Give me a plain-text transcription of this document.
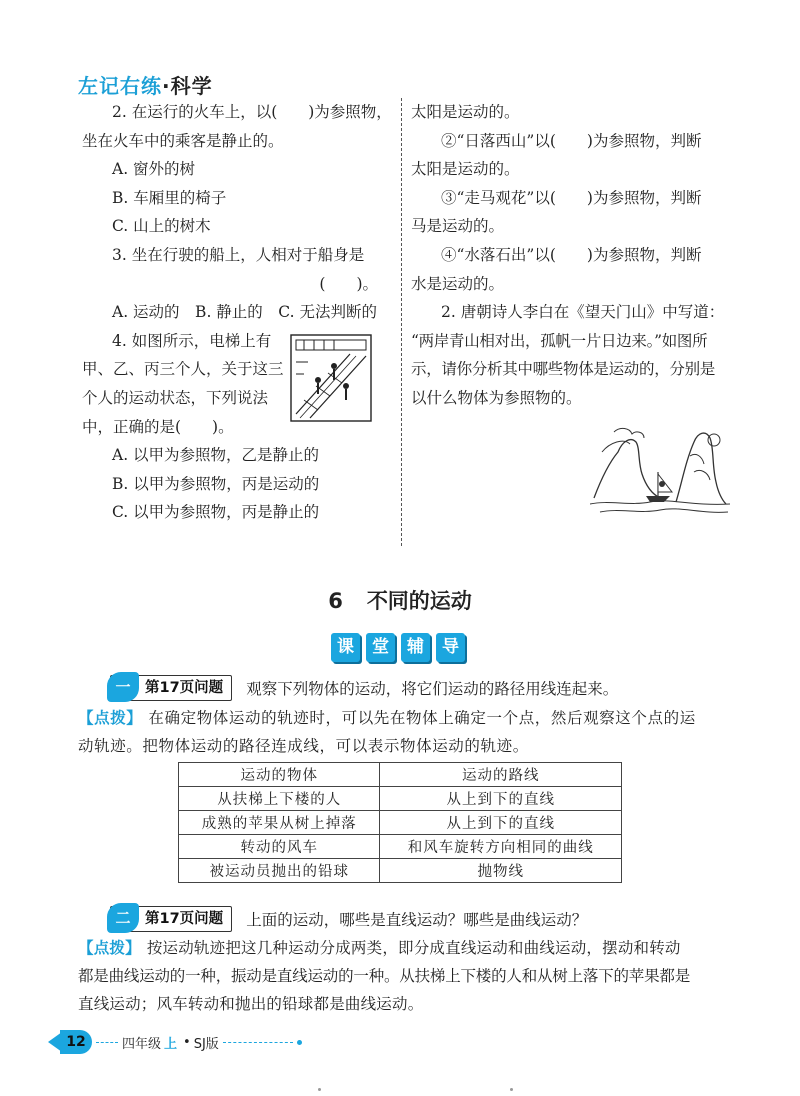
左记右练·科学

2. 在运行的火车上，以(　　)为参照物，

坐在火车中的乘客是静止的。

A. 窗外的树

B. 车厢里的椅子

C. 山上的树木

3. 坐在行驶的船上，人相对于船身是

(　　)。

A. 运动的　B. 静止的　C. 无法判断的

4. 如图所示，电梯上有

甲、乙、丙三个人，关于这三

个人的运动状态，下列说法

中，正确的是(　　)。

A. 以甲为参照物，乙是静止的

B. 以甲为参照物，丙是运动的

C. 以甲为参照物，丙是静止的

太阳是运动的。

②“日落西山”以(　　)为参照物，判断

太阳是运动的。

③“走马观花”以(　　)为参照物，判断

马是运动的。

④“水落石出”以(　　)为参照物，判断

水是运动的。

2. 唐朝诗人李白在《望天门山》中写道：

“两岸青山相对出，孤帆一片日边来。”如图所

示，请你分析其中哪些物体是运动的，分别是

以什么物体为参照物的。

6 不同的运动
课	堂	辅	导
一	第17页问题	观察下列物体的运动，将它们运动的路径用线连起来。

【点拨】 在确定物体运动的轨迹时，可以先在物体上确定一个点，然后观察这个点的运

动轨迹。把物体运动的路径连成线，可以表示物体运动的轨迹。

运动的物体	运动的路线
从扶梯上下楼的人	从上到下的直线
成熟的苹果从树上掉落	从上到下的直线
转动的风车	和风车旋转方向相同的曲线
被运动员抛出的铅球	抛物线
二	第17页问题	上面的运动，哪些是直线运动？哪些是曲线运动？

【点拨】 按运动轨迹把这几种运动分成两类，即分成直线运动和曲线运动，摆动和转动

都是曲线运动的一种，振动是直线运动的一种。从扶梯上下楼的人和从树上落下的苹果都是

直线运动；风车转动和抛出的铅球都是曲线运动。

12	四年级 上 • SJ版
